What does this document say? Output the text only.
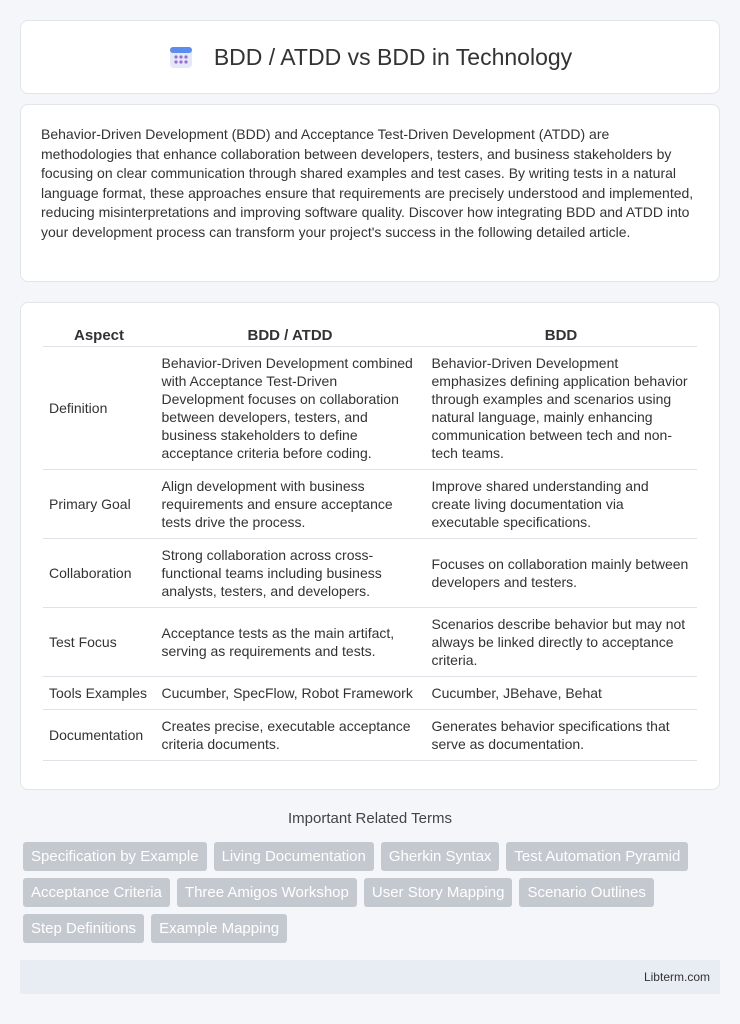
BDD / ATDD vs BDD in Technology

Behavior-Driven Development (BDD) and Acceptance Test-Driven Development (ATDD) are methodologies that enhance collaboration between developers, testers, and business stakeholders by focusing on clear communication through shared examples and test cases. By writing tests in a natural language format, these approaches ensure that requirements are precisely understood and implemented, reducing misinterpretations and improving software quality. Discover how integrating BDD and ATDD into your development process can transform your project's success in the following detailed article.

Aspect	BDD / ATDD	BDD
Definition	Behavior-Driven Development combined with Acceptance Test-Driven Development focuses on collaboration between developers, testers, and business stakeholders to define acceptance criteria before coding.	Behavior-Driven Development emphasizes defining application behavior through examples and scenarios using natural language, mainly enhancing communication between tech and non-tech teams.
Primary Goal	Align development with business requirements and ensure acceptance tests drive the process.	Improve shared understanding and create living documentation via executable specifications.
Collaboration	Strong collaboration across cross-functional teams including business analysts, testers, and developers.	Focuses on collaboration mainly between developers and testers.
Test Focus	Acceptance tests as the main artifact, serving as requirements and tests.	Scenarios describe behavior but may not always be linked directly to acceptance criteria.
Tools Examples	Cucumber, SpecFlow, Robot Framework	Cucumber, JBehave, Behat
Documentation	Creates precise, executable acceptance criteria documents.	Generates behavior specifications that serve as documentation.
Important Related Terms
Specification by Example	Living Documentation	Gherkin Syntax	Test Automation Pyramid
Acceptance Criteria	Three Amigos Workshop	User Story Mapping	Scenario Outlines
Step Definitions	Example Mapping
Libterm.com
